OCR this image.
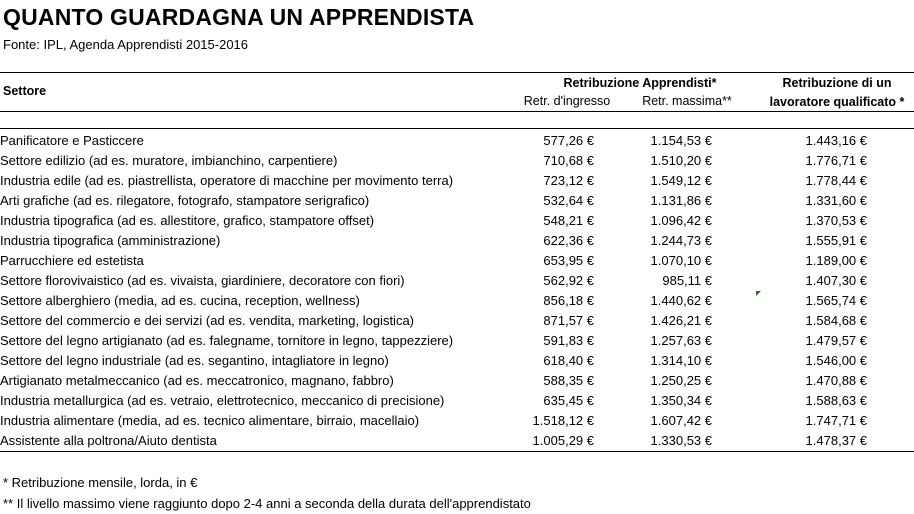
QUANTO GUARDAGNA UN APPRENDISTA
Fonte: IPL, Agenda Apprendisti 2015-2016
Settore
Retribuzione Apprendisti*
Retr. d'ingresso	Retr. massima**
Retribuzione di un
lavoratore qualificato *
Panificatore e Pasticcere	577,26 €	1.154,53 €	1.443,16 €
Settore edilizio (ad es. muratore, imbianchino, carpentiere)	710,68 €	1.510,20 €	1.776,71 €
Industria edile (ad es. piastrellista, operatore di macchine per movimento terra)	723,12 €	1.549,12 €	1.778,44 €
Arti grafiche (ad es. rilegatore, fotografo, stampatore serigrafico)	532,64 €	1.131,86 €	1.331,60 €
Industria tipografica (ad es. allestitore, grafico, stampatore offset)	548,21 €	1.096,42 €	1.370,53 €
Industria tipografica (amministrazione)	622,36 €	1.244,73 €	1.555,91 €
Parrucchiere ed estetista	653,95 €	1.070,10 €	1.189,00 €
Settore florovivaistico (ad es. vivaista, giardiniere, decoratore con fiori)	562,92 €	985,11 €	1.407,30 €
Settore alberghiero (media, ad es. cucina, reception, wellness)	856,18 €	1.440,62 €	1.565,74 €
Settore del commercio e dei servizi (ad es. vendita, marketing, logistica)	871,57 €	1.426,21 €	1.584,68 €
Settore del legno artigianato (ad es. falegname, tornitore in legno, tappezziere)	591,83 €	1.257,63 €	1.479,57 €
Settore del legno industriale (ad es. segantino, intagliatore in legno)	618,40 €	1.314,10 €	1.546,00 €
Artigianato metalmeccanico (ad es. meccatronico, magnano, fabbro)	588,35 €	1.250,25 €	1.470,88 €
Industria metallurgica (ad es. vetraio, elettrotecnico, meccanico di precisione)	635,45 €	1.350,34 €	1.588,63 €
Industria alimentare (media, ad es. tecnico alimentare, birraio, macellaio)	1.518,12 €	1.607,42 €	1.747,71 €
Assistente alla poltrona/Aiuto dentista	1.005,29 €	1.330,53 €	1.478,37 €
* Retribuzione mensile, lorda, in €
** Il livello massimo viene raggiunto dopo 2-4 anni a seconda della durata dell'apprendistato
